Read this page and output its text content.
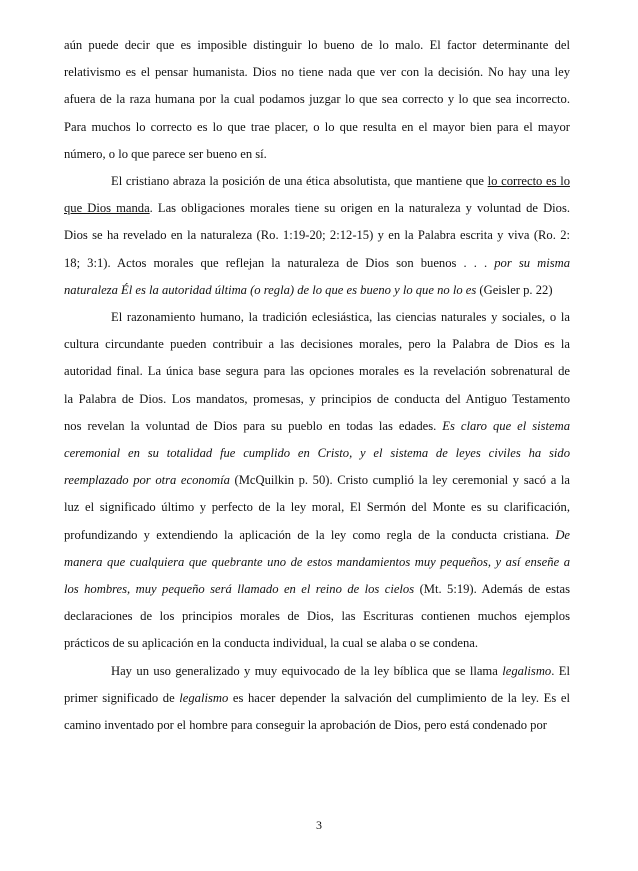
aún puede decir que es imposible distinguir lo bueno de lo malo. El factor determinante del
relativismo es el pensar humanista. Dios no tiene nada que ver con la decisión. No hay una ley
afuera de la raza humana por la cual podamos juzgar lo que sea correcto y lo que sea incorrecto.
Para muchos lo correcto es lo que trae placer, o lo que resulta en el mayor bien para el mayor
número, o lo que parece ser bueno en sí.
El cristiano abraza la posición de una ética absolutista, que mantiene que lo correcto es lo
que Dios manda. Las obligaciones morales tiene su origen en la naturaleza y voluntad de Dios.
Dios se ha revelado en la naturaleza (Ro. 1:19-20; 2:12-15) y en la Palabra escrita y viva (Ro. 2:
18; 3:1). Actos morales que reflejan la naturaleza de Dios son buenos . . . por su misma
naturaleza Él es la autoridad última (o regla) de lo que es bueno y lo que no lo es (Geisler p. 22)
El razonamiento humano, la tradición eclesiástica, las ciencias naturales y sociales, o la
cultura circundante pueden contribuir a las decisiones morales, pero la Palabra de Dios es la
autoridad final. La única base segura para las opciones morales es la revelación sobrenatural de
la Palabra de Dios. Los mandatos, promesas, y principios de conducta del Antiguo Testamento
nos revelan la voluntad de Dios para su pueblo en todas las edades. Es claro que el sistema
ceremonial en su totalidad fue cumplido en Cristo, y el sistema de leyes civiles ha sido
reemplazado por otra economía (McQuilkin p. 50). Cristo cumplió la ley ceremonial y sacó a la
luz el significado último y perfecto de la ley moral, El Sermón del Monte es su clarificación,
profundizando y extendiendo la aplicación de la ley como regla de la conducta cristiana. De
manera que cualquiera que quebrante uno de estos mandamientos muy pequeños, y así enseñe a
los hombres, muy pequeño será llamado en el reino de los cielos (Mt. 5:19). Además de estas
declaraciones de los principios morales de Dios, las Escrituras contienen muchos ejemplos
prácticos de su aplicación en la conducta individual, la cual se alaba o se condena.
Hay un uso generalizado y muy equivocado de la ley bíblica que se llama legalismo. El
primer significado de legalismo es hacer depender la salvación del cumplimiento de la ley. Es el
camino inventado por el hombre para conseguir la aprobación de Dios, pero está condenado por
3
